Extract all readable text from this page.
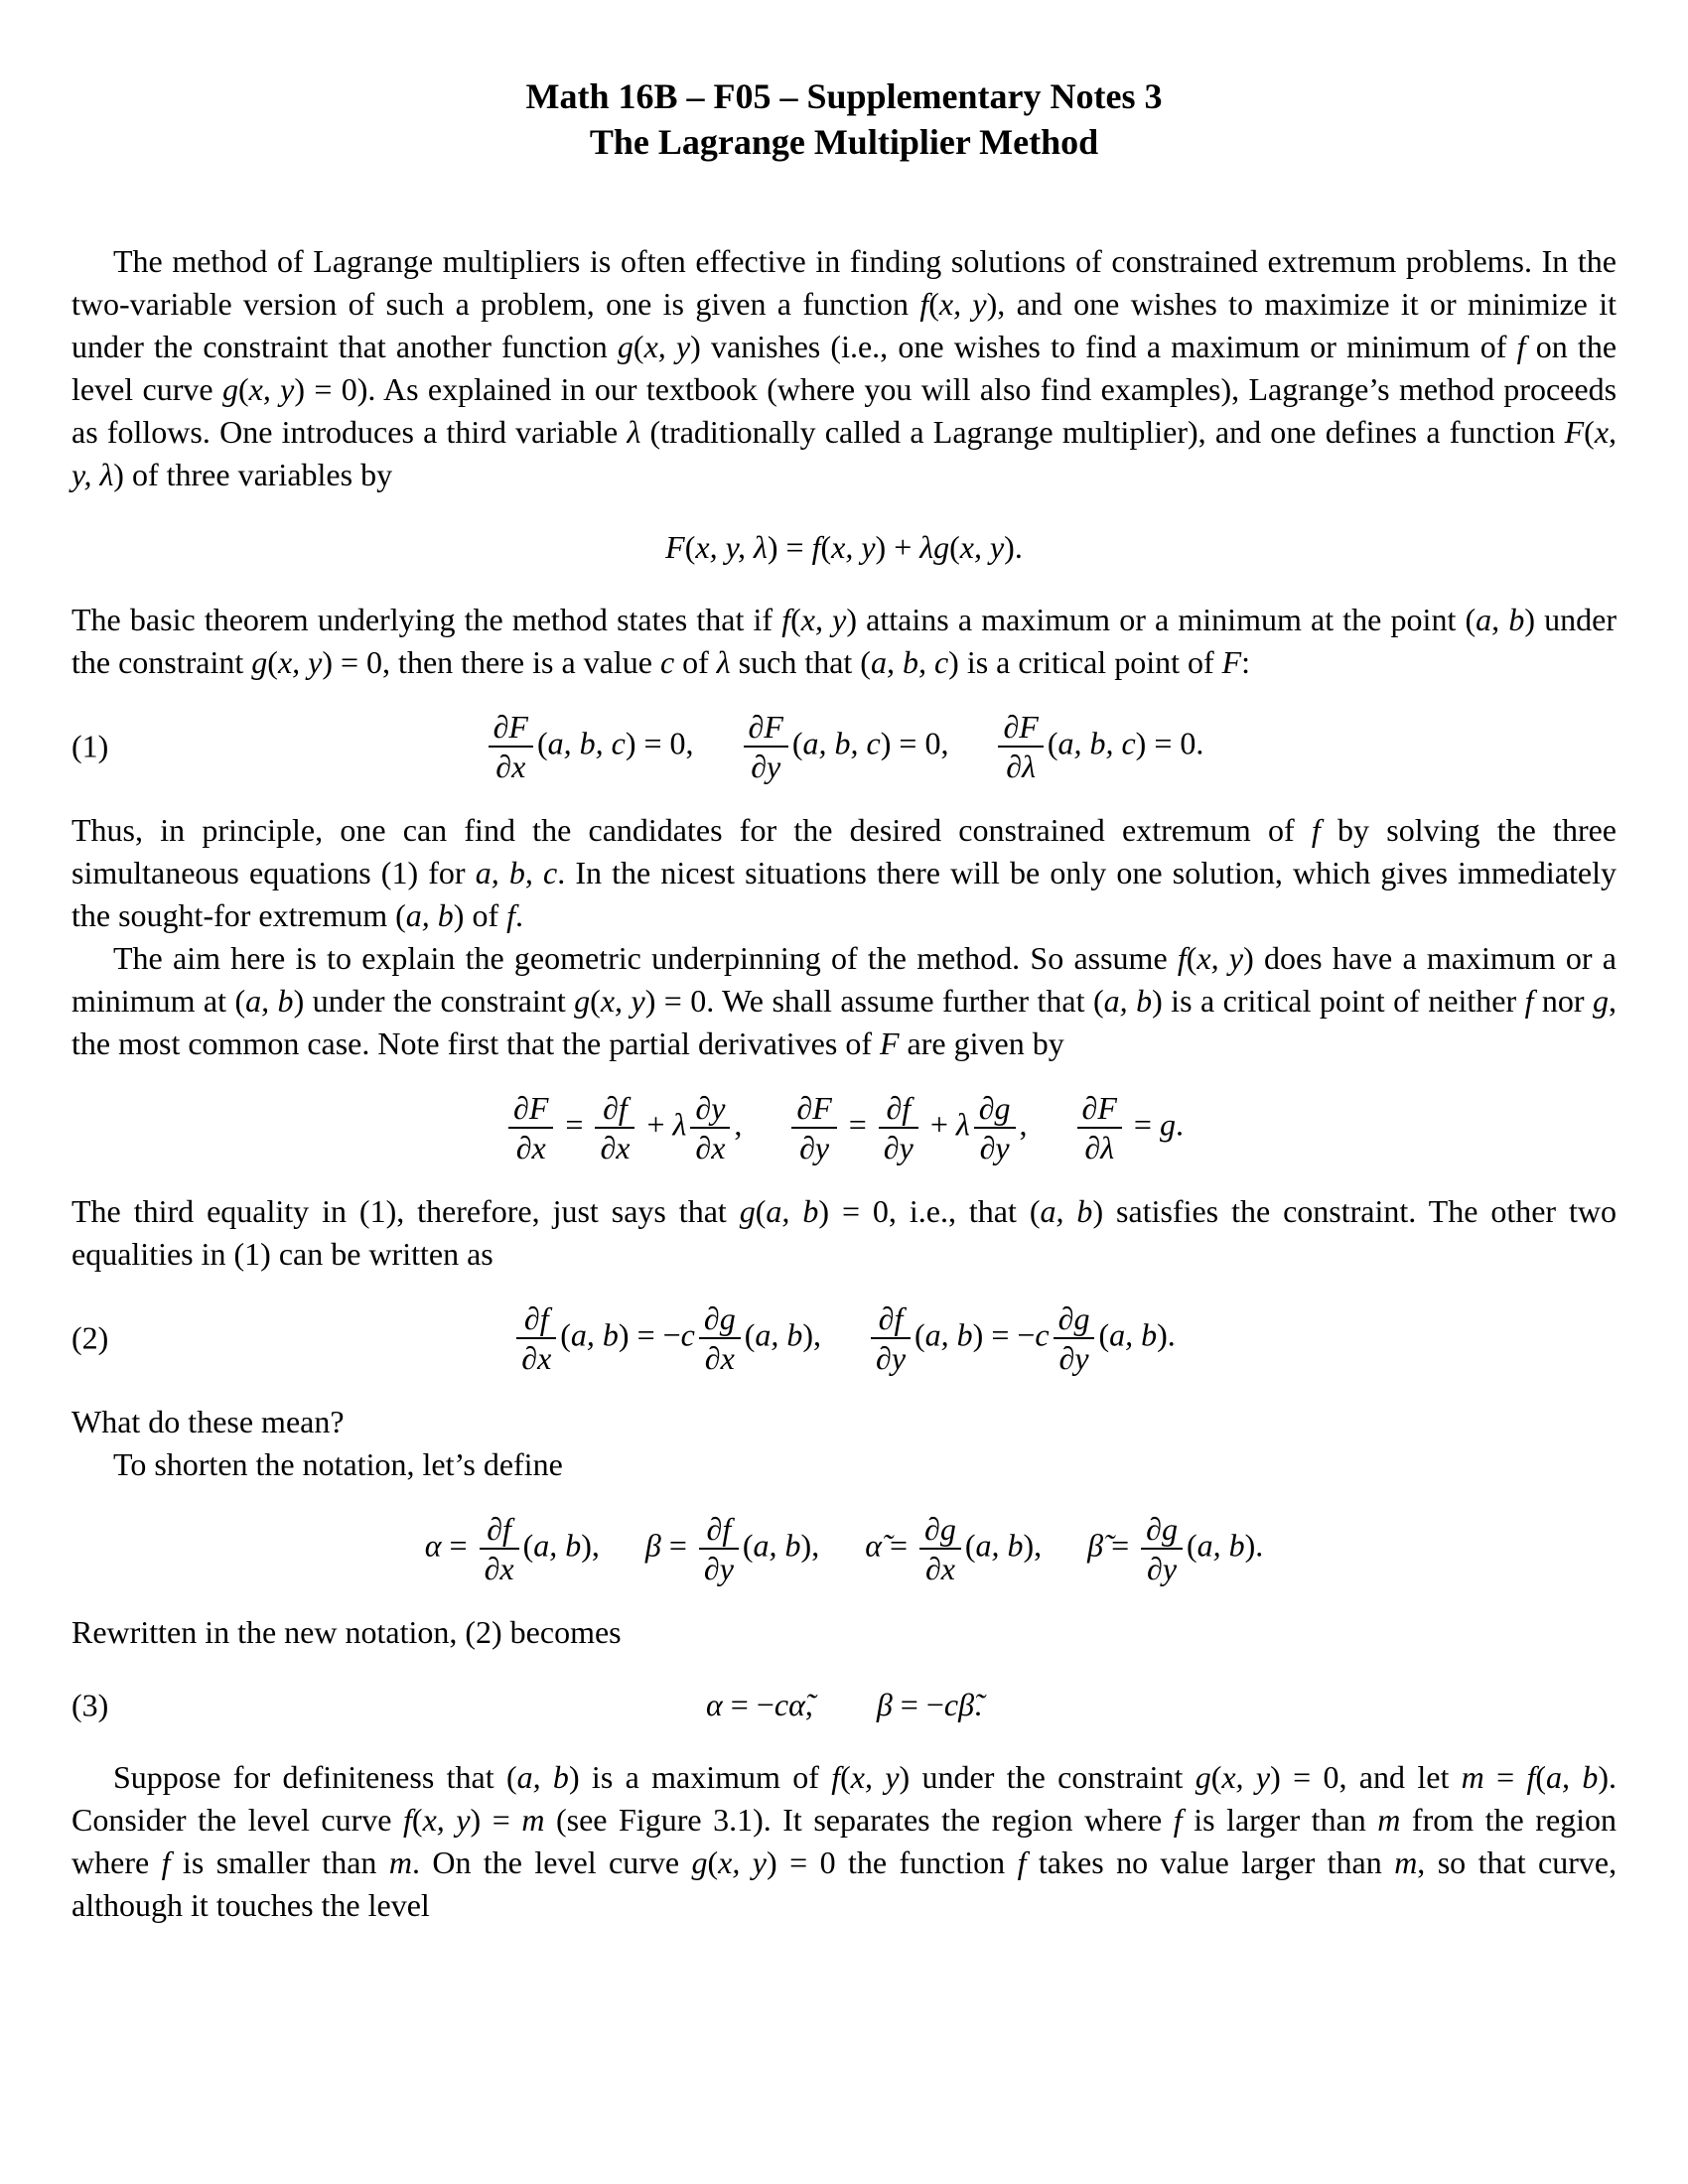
Math 16B – F05 – Supplementary Notes 3
The Lagrange Multiplier Method

The method of Lagrange multipliers is often effective in finding solutions of constrained extremum problems. In the two-variable version of such a problem, one is given a function f(x, y), and one wishes to maximize it or minimize it under the constraint that another function g(x, y) vanishes (i.e., one wishes to find a maximum or minimum of f on the level curve g(x, y) = 0). As explained in our textbook (where you will also find examples), Lagrange’s method proceeds as follows. One introduces a third variable λ (traditionally called a Lagrange multiplier), and one defines a function F(x, y, λ) of three variables by

F(x, y, λ) = f(x, y) + λg(x, y).

The basic theorem underlying the method states that if f(x, y) attains a maximum or a minimum at the point (a, b) under the constraint g(x, y) = 0, then there is a value c of λ such that (a, b, c) is a critical point of F:

(1)	$\frac{\partial F}{\partial x} (a$, b, c) = 0, $\frac{\partial F}{\partial y} (a$, b, c) = 0, $\frac{\partial F}{\partial\lambda} (a$, b, c) = 0.

Thus, in principle, one can find the candidates for the desired constrained extremum of f by solving the three simultaneous equations (1) for a, b, c. In the nicest situations there will be only one solution, which gives immediately the sought-for extremum (a, b) of f.

The aim here is to explain the geometric underpinning of the method. So assume f(x, y) does have a maximum or a minimum at (a, b) under the constraint g(x, y) = 0. We shall assume further that (a, b) is a critical point of neither f nor g, the most common case. Note first that the partial derivatives of F are given by

$\frac{\partial F}{\partial x} = \frac{\partial f}{\partial x} + \lambda \frac{\partial y}{\partial x}$ , $\frac{\partial F}{\partial y} = \frac{\partial f}{\partial y} + \lambda \frac{\partial g}{\partial y}$ , $\frac{\partial F}{\partial\lambda} = g$.

The third equality in (1), therefore, just says that g(a, b) = 0, i.e., that (a, b) satisfies the constraint. The other two equalities in (1) can be written as

(2)	$\frac{\partial f}{\partial x} (a$, $b) = -c \frac{\partial g}{\partial x} (a$, b), $\frac{\partial f}{\partial y} (a$, $b) = -c \frac{\partial g}{\partial y} (a$, b).

What do these mean?

To shorten the notation, let’s define

$\alpha = \frac{\partial f}{\partial x} (a$, b), $\beta = \frac{\partial f}{\partial y} (a$, b), α̃ = $\frac{\partial g}{\partial x} (a$, b), β̃ = $\frac{\partial g}{\partial y} (a$, b).

Rewritten in the new notation, (2) becomes

(3)	α = −cα̃,   β = −cβ̃.

Suppose for definiteness that (a, b) is a maximum of f(x, y) under the constraint g(x, y) = 0, and let m = f(a, b). Consider the level curve f(x, y) = m (see Figure 3.1). It separates the region where f is larger than m from the region where f is smaller than m. On the level curve g(x, y) = 0 the function f takes no value larger than m, so that curve, although it touches the level
